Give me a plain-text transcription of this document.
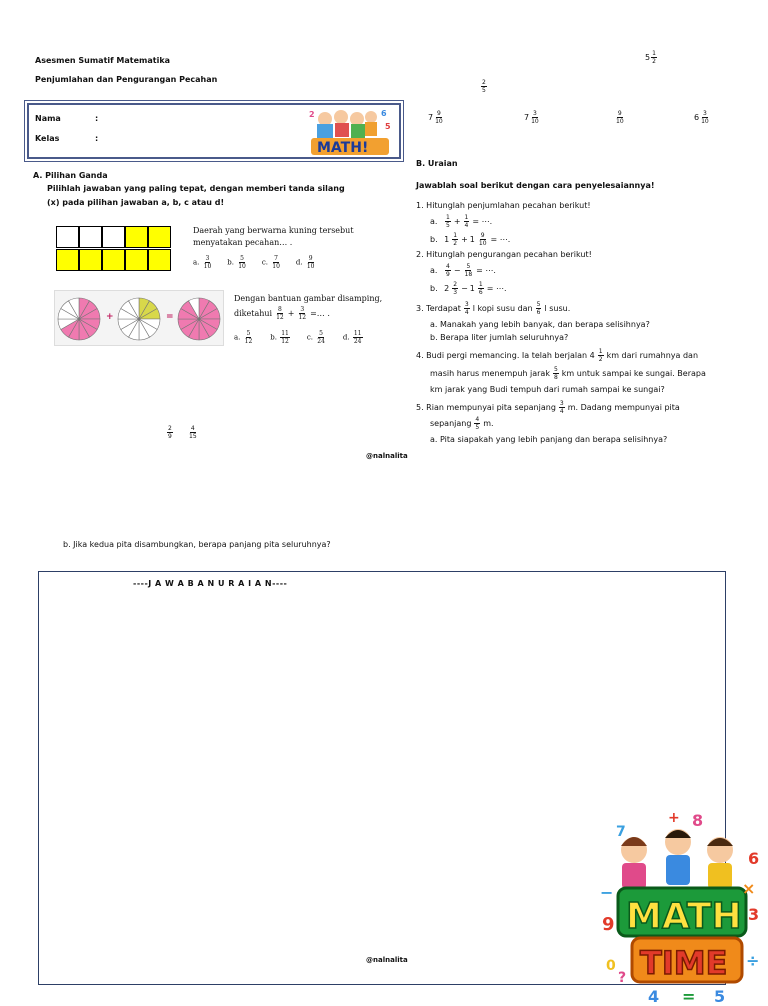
Asesmen Sumatif Matematika
Penjumlahan dan Pengurangan Pecahan
$5 \frac{1}{2}$
$\frac{2}{5}$
Nama	:
Kelas	:
2	6
5
MATH!
$7 \frac{9}{10}$	$7 \frac{3}{10}$	$\frac{9}{10}$	$6 \frac{3}{10}$
A. Pilihan Ganda
Pilihlah jawaban yang paling tepat, dengan memberi tanda silang
(x) pada pilihan jawaban a, b, c atau d!
Daerah yang berwarna kuning tersebut
menyatakan pecahan… .
a. $\frac{3}{10} b$. $\frac{5}{10} c$. $\frac{7}{10} d$. $\frac{9}{10}$
+	=
Dengan bantuan gambar disamping,
diketahui $\frac{8}{12} + \frac{3}{12}$ =… .
a. $\frac{5}{12} b$. $\frac{11}{12} c$. $\frac{5}{24} d$. $\frac{11}{24}$
$\frac{2}{9}$	$\frac{4}{15}$
@nalnalita
B. Uraian
Jawablah soal berikut dengan cara penyelesaiannya!
1. Hitunglah penjumlahan pecahan berikut!
a.
$\frac{1}{5} + \frac{1}{4}$ = ⋯.
b.
$1 \frac{1}{2} + 1 \frac{9}{10}$ = ⋯.
2. Hitunglah pengurangan pecahan berikut!
a.
$\frac{4}{9} - \frac{5}{18}$ = ⋯.
b.
$2 \frac{2}{3} - 1 \frac{1}{6}$ = ⋯.
3. Terdapat $\frac{3}{4}$ l kopi susu dan $\frac{5}{6}$ l susu.
a. Manakah yang lebih banyak, dan berapa selisihnya?
b. Berapa liter jumlah seluruhnya?
4. Budi pergi memancing. Ia telah berjalan $4 \frac{1}{2}$ km dari rumahnya dan
masih harus menempuh jarak $\frac{5}{8}$ km untuk sampai ke sungai. Berapa
km jarak yang Budi tempuh dari rumah sampai ke sungai?
5. Rian mempunyai pita sepanjang $\frac{3}{4} m$. Dadang mempunyai pita
sepanjang $\frac{4}{5} m$.
a. Pita siapakah yang lebih panjang dan berapa selisihnya?
b. Jika kedua pita disambungkan, berapa panjang pita seluruhnya?
----J A W A B A N U R A I A N----
@nalnalita
MATH
TIME
7
+ 8
6
9
−	×
3
0
?
÷
4 = 5
